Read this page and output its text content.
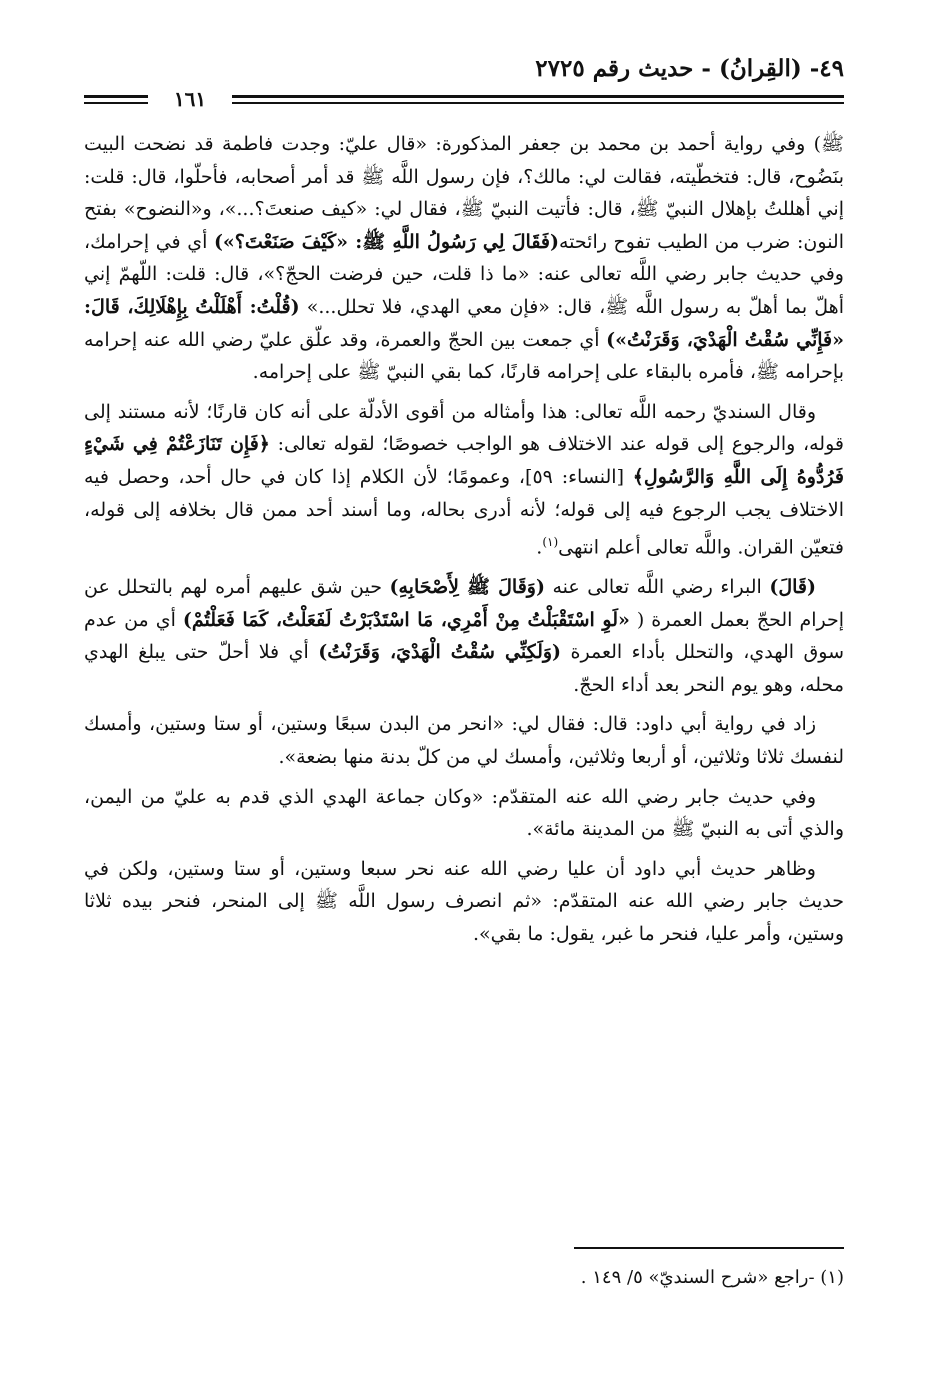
٤٩- (القِرانُ) - حديث رقم ٢٧٢٥
١٦١

ﷺ) وفي رواية أحمد بن محمد بن جعفر المذكورة: «قال عليّ: وجدت فاطمة قد نضحت البيت بنَضُوح، قال: فتخطّيته، فقالت لي: مالك؟، فإن رسول اللَّه ﷺ قد أمر أصحابه، فأحلّوا، قال: قلت: إني أهللتُ بإهلال النبيّ ﷺ، قال: فأتيت النبيّ ﷺ، فقال لي: «كيف صنعتَ؟...»، و«النضوح» بفتح النون: ضرب من الطيب تفوح رائحته(فَقَالَ لِي رَسُولُ اللَّهِ ﷺ: «كَيْفَ صَنَعْتَ؟») أي في إحرامك، وفي حديث جابر رضي اللَّه تعالى عنه: «ما ذا قلت، حين فرضت الحجّ؟»، قال: قلت: اللّهمّ إني أهلّ بما أهلّ به رسول اللَّه ﷺ، قال: «فإن معي الهدي، فلا تحلل...» (قُلْتُ: أَهْلَلْتُ بِإِهْلَالِكَ، قَالَ: «فَإِنِّي سُقْتُ الْهَدْيَ، وَقَرَنْتُ») أي جمعت بين الحجّ والعمرة، وقد علّق عليّ رضي الله عنه إحرامه بإحرامه ﷺ، فأمره بالبقاء على إحرامه قارنًا، كما بقي النبيّ ﷺ على إحرامه.

وقال السنديّ رحمه اللَّه تعالى: هذا وأمثاله من أقوى الأدلّة على أنه كان قارنًا؛ لأنه مستند إلى قوله، والرجوع إلى قوله عند الاختلاف هو الواجب خصوصًا؛ لقوله تعالى: ﴿فَإِن تَنَازَعْتُمْ فِي شَيْءٍ فَرُدُّوهُ إِلَى اللَّهِ وَالرَّسُولِ﴾ [النساء: ٥٩]، وعمومًا؛ لأن الكلام إذا كان في حال أحد، وحصل فيه الاختلاف يجب الرجوع فيه إلى قوله؛ لأنه أدرى بحاله، وما أسند أحد ممن قال بخلافه إلى قوله، فتعيّن القران. واللَّه تعالى أعلم انتهى$^{(١)}$.

(قَالَ) البراء رضي اللَّه تعالى عنه (وَقَالَ ﷺ لِأَصْحَابِهِ) حين شق عليهم أمره لهم بالتحلل عن إحرام الحجّ بعمل العمرة ( «لَوِ اسْتَقْبَلْتُ مِنْ أَمْرِي، مَا اسْتَدْبَرْتُ لَفَعَلْتُ، كَمَا فَعَلْتُمْ) أي من عدم سوق الهدي، والتحلل بأداء العمرة (وَلَكِنِّي سُقْتُ الْهَدْيَ، وَقَرَنْتُ) أي فلا أحلّ حتى يبلغ الهدي محله، وهو يوم النحر بعد أداء الحجّ.

زاد في رواية أبي داود: قال: فقال لي: «انحر من البدن سبعًا وستين، أو ستا وستين، وأمسك لنفسك ثلاثا وثلاثين، أو أربعا وثلاثين، وأمسك لي من كلّ بدنة منها بضعة».

وفي حديث جابر رضي الله عنه المتقدّم: «وكان جماعة الهدي الذي قدم به عليّ من اليمن، والذي أتى به النبيّ ﷺ من المدينة مائة».

وظاهر حديث أبي داود أن عليا رضي الله عنه نحر سبعا وستين، أو ستا وستين، ولكن في حديث جابر رضي الله عنه المتقدّم: «ثم انصرف رسول اللَّه ﷺ إلى المنحر، فنحر بيده ثلاثا وستين، وأمر عليا، فنحر ما غبر، يقول: ما بقي».

(١) -راجع «شرح السنديّ» ٥/ ١٤٩ .
